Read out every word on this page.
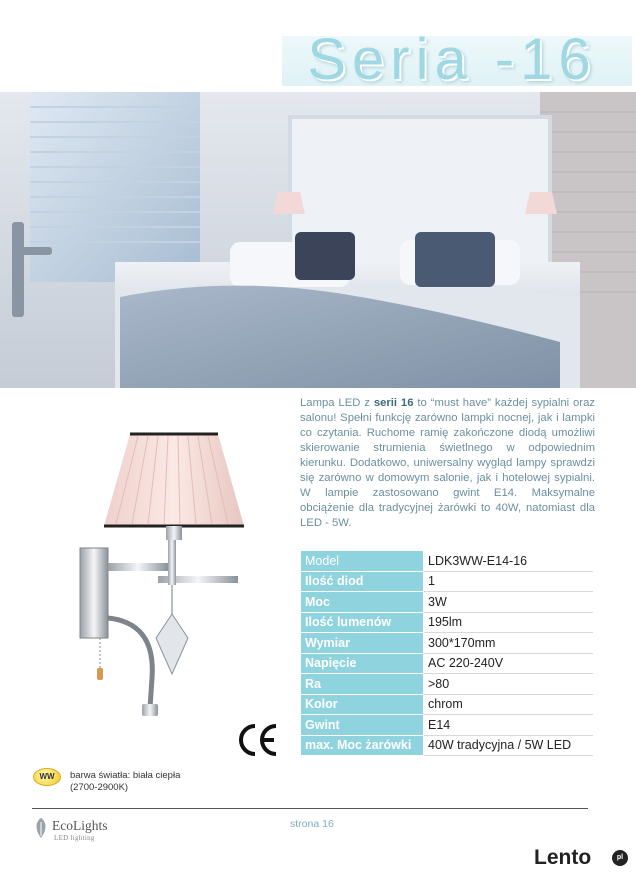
Seria -16
Lampa LED z serii 16 to “must have” każdej sypialni oraz salonu! Spełni funkcję zarówno lampki nocnej, jak i lampki co czytania. Ruchome ramię zakończone diodą umożliwi skierowanie strumienia świetlnego w odpowiednim kierunku. Dodatkowo, uniwersalny wygląd lampy sprawdzi się zarówno w domowym salonie, jak i hotelowej sypialni. W lampie zastosowano gwint E14. Maksymalne obciążenie dla tradycyjnej żarówki to 40W, natomiast dla LED - 5W.
Model	LDK3WW-E14-16
Ilość diod	1
Moc	3W
Ilość lumenów	195lm
Wymiar	300*170mm
Napięcie	AC 220-240V
Ra	>80
Kolor	chrom
Gwint	E14
max. Moc żarówki	40W tradycyjna / 5W LED
WW	barwa światła: biała ciepła
(2700-2900K)
EcoLights
LED lighting
strona 16
Lento	pl
